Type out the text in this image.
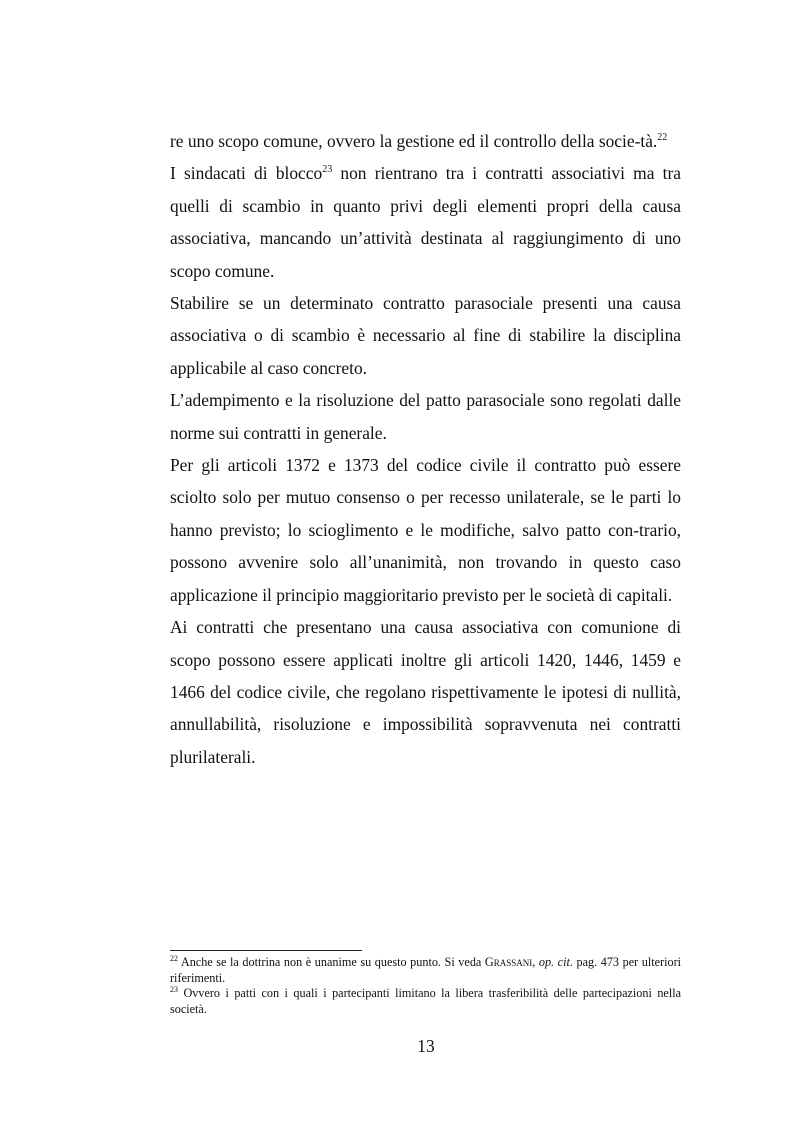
re uno scopo comune, ovvero la gestione ed il controllo della socie-tà.$^{22}$

I sindacati di blocco$^{23}$ non rientrano tra i contratti associativi ma tra quelli di scambio in quanto privi degli elementi propri della causa associativa, mancando un’attività destinata al raggiungimento di uno scopo comune.

Stabilire se un determinato contratto parasociale presenti una causa associativa o di scambio è necessario al fine di stabilire la disciplina applicabile al caso concreto.

L’adempimento e la risoluzione del patto parasociale sono regolati dalle norme sui contratti in generale.

Per gli articoli 1372 e 1373 del codice civile il contratto può essere sciolto solo per mutuo consenso o per recesso unilaterale, se le parti lo hanno previsto; lo scioglimento e le modifiche, salvo patto con-trario, possono avvenire solo all’unanimità, non trovando in questo caso applicazione il principio maggioritario previsto per le società di capitali.

Ai contratti che presentano una causa associativa con comunione di scopo possono essere applicati inoltre gli articoli 1420, 1446, 1459 e 1466 del codice civile, che regolano rispettivamente le ipotesi di nullità, annullabilità, risoluzione e impossibilità sopravvenuta nei contratti plurilaterali.

$^{22}$ Anche se la dottrina non è unanime su questo punto. Si veda Grassani, op. cit. pag. 473 per ulteriori riferimenti.

$^{23}$ Ovvero i patti con i quali i partecipanti limitano la libera trasferibilità delle partecipazioni nella società.

13
